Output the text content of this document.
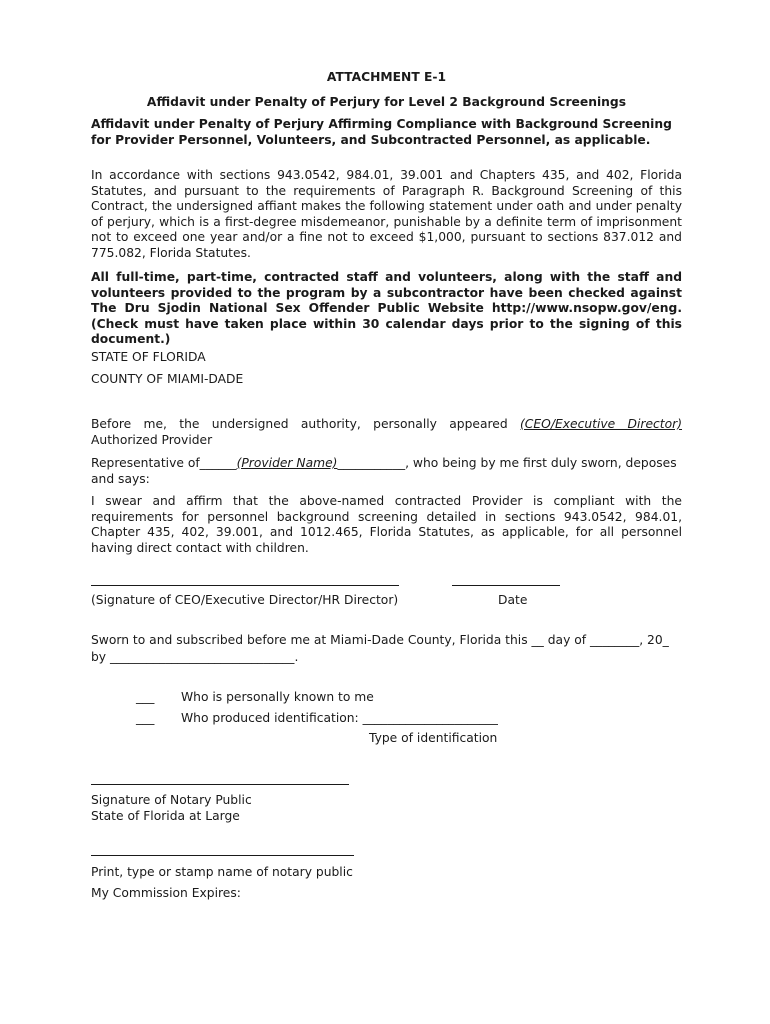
ATTACHMENT E-1

Affidavit under Penalty of Perjury for Level 2 Background Screenings

Affidavit under Penalty of Perjury Affirming Compliance with Background Screening for Provider Personnel, Volunteers, and Subcontracted Personnel, as applicable.

In accordance with sections 943.0542, 984.01, 39.001 and Chapters 435, and 402, Florida Statutes, and pursuant to the requirements of Paragraph R. Background Screening of this Contract, the undersigned affiant makes the following statement under oath and under penalty of perjury, which is a first-degree misdemeanor, punishable by a definite term of imprisonment not to exceed one year and/or a fine not to exceed $1,000, pursuant to sections 837.012 and 775.082, Florida Statutes.

All full-time, part-time, contracted staff and volunteers, along with the staff and volunteers provided to the program by a subcontractor have been checked against The Dru Sjodin National Sex Offender Public Website http://www.nsopw.gov/eng. (Check must have taken place within 30 calendar days prior to the signing of this document.)

STATE OF FLORIDA

COUNTY OF MIAMI-DADE

Before me, the undersigned authority, personally appeared (CEO/Executive Director) Authorized Provider

Representative of______(Provider Name)___________, who being by me first duly sworn, deposes and says:

I swear and affirm that the above-named contracted Provider is compliant with the requirements for personnel background screening detailed in sections 943.0542, 984.01, Chapter 435, 402, 39.001, and 1012.465, Florida Statutes, as applicable, for all personnel having direct contact with children.

(Signature of CEO/Executive Director/HR Director)	Date

Sworn to and subscribed before me at Miami-Dade County, Florida this __ day of ________, 20_

by ______________________________.

___ Who is personally known to me

___ Who produced identification: ______________________

Type of identification

Signature of Notary Public

State of Florida at Large

Print, type or stamp name of notary public

My Commission Expires:
